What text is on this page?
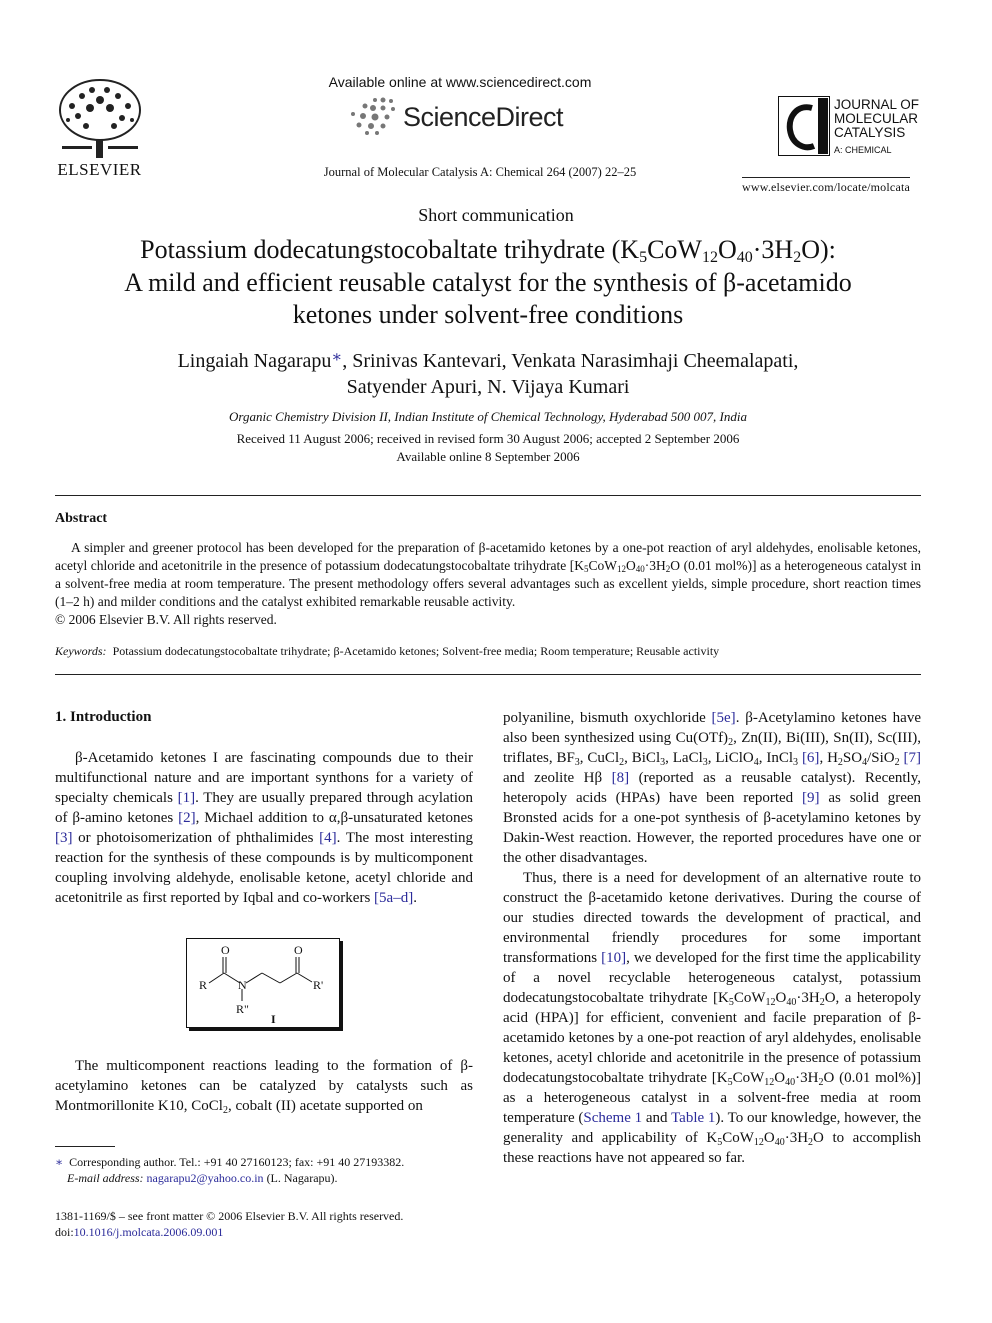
ELSEVIER
Available online at www.sciencedirect.com
ScienceDirect
Journal of Molecular Catalysis A: Chemical 264 (2007) 22–25
JOURNAL OF
MOLECULAR
CATALYSIS
A: CHEMICAL
www.elsevier.com/locate/molcata
Short communication
Potassium dodecatungstocobaltate trihydrate $(K_5CoW_{12}O_{40}\cdot 3H_2O)$:
A mild and efficient reusable catalyst for the synthesis of β-acetamido
ketones under solvent-free conditions
Lingaiah Nagarapu∗, Srinivas Kantevari, Venkata Narasimhaji Cheemalapati,
Satyender Apuri, N. Vijaya Kumari
Organic Chemistry Division II, Indian Institute of Chemical Technology, Hyderabad 500 007, India
Received 11 August 2006; received in revised form 30 August 2006; accepted 2 September 2006
Available online 8 September 2006
Abstract

A simpler and greener protocol has been developed for the preparation of β-acetamido ketones by a one-pot reaction of aryl aldehydes, enolisable ketones, acetyl chloride and acetonitrile in the presence of potassium dodecatungstocobaltate trihydrate [$K_5CoW_{12}O_{40}\cdot 3H_2O$ (0.01 mol%)] as a heterogeneous catalyst in a solvent-free media at room temperature. The present methodology offers several advantages such as excellent yields, simple procedure, short reaction times (1–2 h) and milder conditions and the catalyst exhibited remarkable reusable activity.

© 2006 Elsevier B.V. All rights reserved.
Keywords: Potassium dodecatungstocobaltate trihydrate; β-Acetamido ketones; Solvent-free media; Room temperature; Reusable activity
1. Introduction

β-Acetamido ketones I are fascinating compounds due to their multifunctional nature and are important synthons for a variety of specialty chemicals [1]. They are usually prepared through acylation of β-amino ketones [2], Michael addition to α,β-unsaturated ketones [3] or photoisomerization of phthalimides [4]. The most interesting reaction for the synthesis of these compounds is by multicomponent coupling involving aldehyde, enolisable ketone, acetyl chloride and acetonitrile as first reported by Iqbal and co-workers [5a–d].

O	O
N
R	R'
R"
I

The multicomponent reactions leading to the formation of β-acetylamino ketones can be catalyzed by catalysts such as Montmorillonite K10, CoCl$_2$, cobalt (II) acetate supported on

∗ Corresponding author. Tel.: +91 40 27160123; fax: +91 40 27193382.
E-mail address: nagarapu2@yahoo.co.in (L. Nagarapu).
1381-1169/$ – see front matter © 2006 Elsevier B.V. All rights reserved.
doi:10.1016/j.molcata.2006.09.001

polyaniline, bismuth oxychloride [5e]. β-Acetylamino ketones have also been synthesized using $Cu(OTf)_2$, Zn(II), Bi(III), Sn(II), Sc(III), triflates, $BF_3$, CuCl$_2$, BiCl$_3$, LaCl$_3$, LiClO$_4$, InCl$_3$ [6], $H_2SO_4/SiO_2$ [7] and zeolite Hβ [8] (reported as a reusable catalyst). Recently, heteropoly acids (HPAs) have been reported [9] as solid green Bronsted acids for a one-pot synthesis of β-acetylamino ketones by Dakin-West reaction. However, the reported procedures have one or the other disadvantages.

Thus, there is a need for development of an alternative route to construct the β-acetamido ketone derivatives. During the course of our studies directed towards the development of practical, and environmental friendly procedures for some important transformations [10], we developed for the first time the applicability of a novel recyclable heterogeneous catalyst, potassium dodecatungstocobaltate trihydrate [$K_5CoW_{12}O_{40}\cdot 3H_2O$, a heteropoly acid (HPA)] for efficient, convenient and facile preparation of β-acetamido ketones by a one-pot reaction of aryl aldehydes, enolisable ketones, acetyl chloride and acetonitrile in the presence of potassium dodecatungstocobaltate trihydrate [$K_5CoW_{12}O_{40}\cdot 3H_2O$ (0.01 mol%)] as a heterogeneous catalyst in a solvent-free media at room temperature (Scheme 1 and Table 1). To our knowledge, however, the generality and applicability of $K_5CoW_{12}O_{40}\cdot 3H_2O$ to accomplish these reactions have not appeared so far.
